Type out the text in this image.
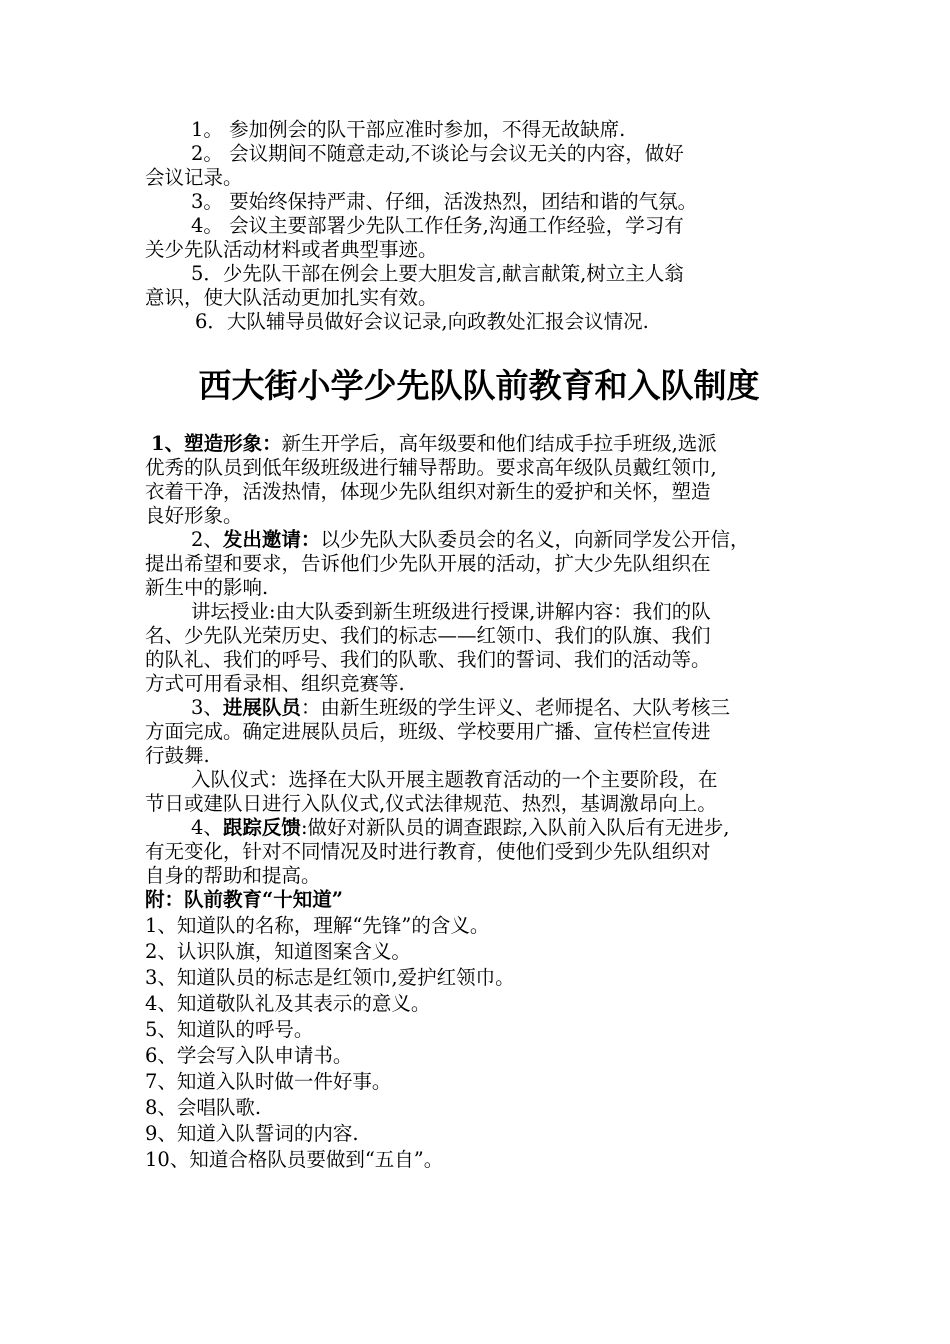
1。 参加例会的队干部应准时参加，不得无故缺席.
2。 会议期间不随意走动,不谈论与会议无关的内容，做好
会议记录。
3。 要始终保持严肃、仔细，活泼热烈，团结和谐的气氛。
4。 会议主要部署少先队工作任务,沟通工作经验，学习有
关少先队活动材料或者典型事迹。
5．少先队干部在例会上要大胆发言,献言献策,树立主人翁
意识，使大队活动更加扎实有效。
6．大队辅导员做好会议记录,向政教处汇报会议情况.
西大街小学少先队队前教育和入队制度
1、塑造形象：新生开学后，高年级要和他们结成手拉手班级,选派
优秀的队员到低年级班级进行辅导帮助。要求高年级队员戴红领巾,
衣着干净，活泼热情，体现少先队组织对新生的爱护和关怀，塑造
良好形象。
2、发出邀请：以少先队大队委员会的名义，向新同学发公开信，
提出希望和要求，告诉他们少先队开展的活动，扩大少先队组织在
新生中的影响.
讲坛授业:由大队委到新生班级进行授课,讲解内容：我们的队
名、少先队光荣历史、我们的标志——红领巾、我们的队旗、我们
的队礼、我们的呼号、我们的队歌、我们的誓词、我们的活动等。
方式可用看录相、组织竞赛等.
3、进展队员：由新生班级的学生评义、老师提名、大队考核三
方面完成。确定进展队员后，班级、学校要用广播、宣传栏宣传进
行鼓舞.
入队仪式：选择在大队开展主题教育活动的一个主要阶段，在
节日或建队日进行入队仪式,仪式法律规范、热烈，基调激昂向上。
4、跟踪反馈:做好对新队员的调查跟踪,入队前入队后有无进步,
有无变化，针对不同情况及时进行教育，使他们受到少先队组织对
自身的帮助和提高。
附：队前教育“十知道”
1、知道队的名称，理解“先锋”的含义。
2、认识队旗，知道图案含义。
3、知道队员的标志是红领巾,爱护红领巾。
4、知道敬队礼及其表示的意义。
5、知道队的呼号。
6、学会写入队申请书。
7、知道入队时做一件好事。
8、会唱队歌.
9、知道入队誓词的内容.
10、知道合格队员要做到“五自”。
